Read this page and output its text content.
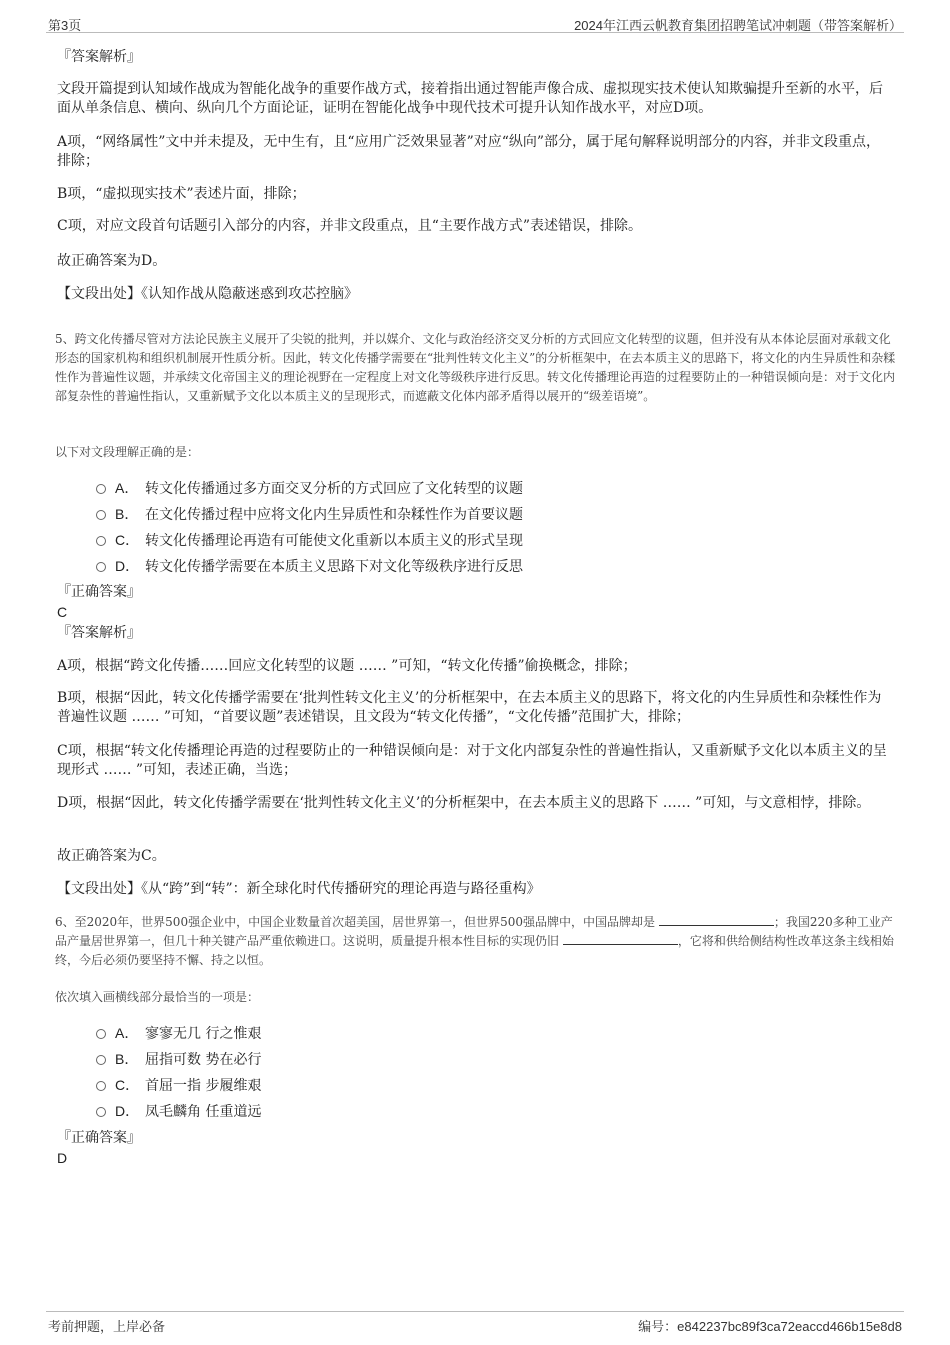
第3页	2024年江西云帆教育集团招聘笔试冲刺题（带答案解析）
『答案解析』

文段开篇提到认知域作战成为智能化战争的重要作战方式，接着指出通过智能声像合成、虚拟现实技术使认知欺骗提升至新的水平，后面从单条信息、横向、纵向几个方面论证，证明在智能化战争中现代技术可提升认知作战水平，对应D项。

A项，“网络属性”文中并未提及，无中生有，且“应用广泛效果显著”对应“纵向”部分，属于尾句解释说明部分的内容，并非文段重点，排除；

B项，“虚拟现实技术”表述片面，排除；

C项，对应文段首句话题引入部分的内容，并非文段重点，且“主要作战方式”表述错误，排除。

故正确答案为D。

【文段出处】《认知作战从隐蔽迷惑到攻芯控脑》

5、跨文化传播尽管对方法论民族主义展开了尖锐的批判，并以媒介、文化与政治经济交叉分析的方式回应文化转型的议题，但并没有从本体论层面对承载文化形态的国家机构和组织机制展开性质分析。因此，转文化传播学需要在“批判性转文化主义”的分析框架中，在去本质主义的思路下，将文化的内生异质性和杂糅性作为普遍性议题，并承续文化帝国主义的理论视野在一定程度上对文化等级秩序进行反思。转文化传播理论再造的过程要防止的一种错误倾向是：对于文化内部复杂性的普遍性指认，又重新赋予文化以本质主义的呈现形式，而遮蔽文化体内部矛盾得以展开的“级差语境”。

以下对文段理解正确的是：

A． 转文化传播通过多方面交叉分析的方式回应了文化转型的议题
B． 在文化传播过程中应将文化内生异质性和杂糅性作为首要议题
C． 转文化传播理论再造有可能使文化重新以本质主义的形式呈现
D． 转文化传播学需要在本质主义思路下对文化等级秩序进行反思
『正确答案』
C
『答案解析』

A项，根据“跨文化传播……回应文化转型的议题 …… ”可知，“转文化传播”偷换概念，排除；

B项，根据“因此，转文化传播学需要在‘批判性转文化主义’的分析框架中，在去本质主义的思路下，将文化的内生异质性和杂糅性作为普遍性议题 …… ”可知，“首要议题”表述错误，且文段为“转文化传播”，“文化传播”范围扩大，排除；

C项，根据“转文化传播理论再造的过程要防止的一种错误倾向是：对于文化内部复杂性的普遍性指认，又重新赋予文化以本质主义的呈现形式 …… ”可知，表述正确，当选；

D项，根据“因此，转文化传播学需要在‘批判性转文化主义’的分析框架中，在去本质主义的思路下 …… ”可知，与文意相悖，排除。

故正确答案为C。

【文段出处】《从“跨”到“转”：新全球化时代传播研究的理论再造与路径重构》

6、至2020年，世界500强企业中，中国企业数量首次超美国，居世界第一，但世界500强品牌中，中国品牌却是	；我国220多种工业产品产量居世界第一，但几十种关键产品严重依赖进口。这说明，质量提升根本性目标的实现仍旧	，它将和供给侧结构性改革这条主线相始终，今后必须仍要坚持不懈、持之以恒。

依次填入画横线部分最恰当的一项是：

A． 寥寥无几 行之惟艰
B． 屈指可数 势在必行
C． 首屈一指 步履维艰
D． 凤毛麟角 任重道远
『正确答案』
D
考前押题，上岸必备	编号：e842237bc89f3ca72eaccd466b15e8d8
